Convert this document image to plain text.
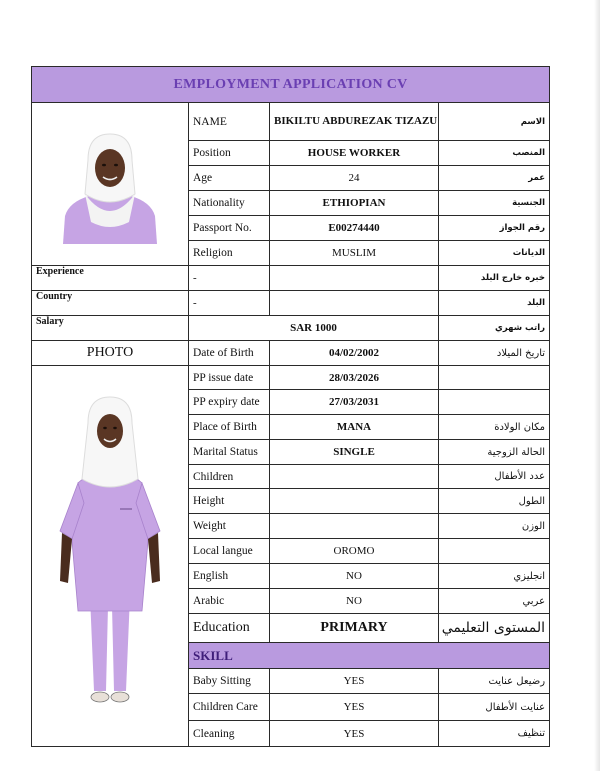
EMPLOYMENT APPLICATION CV			

	NAME	BIKILTU ABDUREZAK TIZAZU	الاسم
	Position	HOUSE WORKER	المنصب
	Age	24	عمر
	Nationality	ETHIOPIAN	الجنسية
	Passport No.	E00274440	رقم الجواز
	Religion	MUSLIM	الديانات
Experience	-		خبره خارج البلد
Country	-		البلد
Salary	SAR 1000		راتب شهري
PHOTO	Date of Birth	04/02/2002	تاريخ الميلاد

	PP issue date	28/03/2026	
	PP expiry date	27/03/2031	
	Place of Birth	MANA	مكان الولادة
	Marital Status	SINGLE	الحالة الزوجية
	Children		عدد الأطفال
	Height		الطول
	Weight		الوزن
	Local langue	OROMO	
	English	NO	انجليزي
	Arabic	NO	عربي
	Education	PRIMARY	المستوى التعليمي
	SKILL		
	Baby Sitting	YES	رضيعل عنايت
	Children Care	YES	عنايت الأطفال
	Cleaning	YES	تنظيف
